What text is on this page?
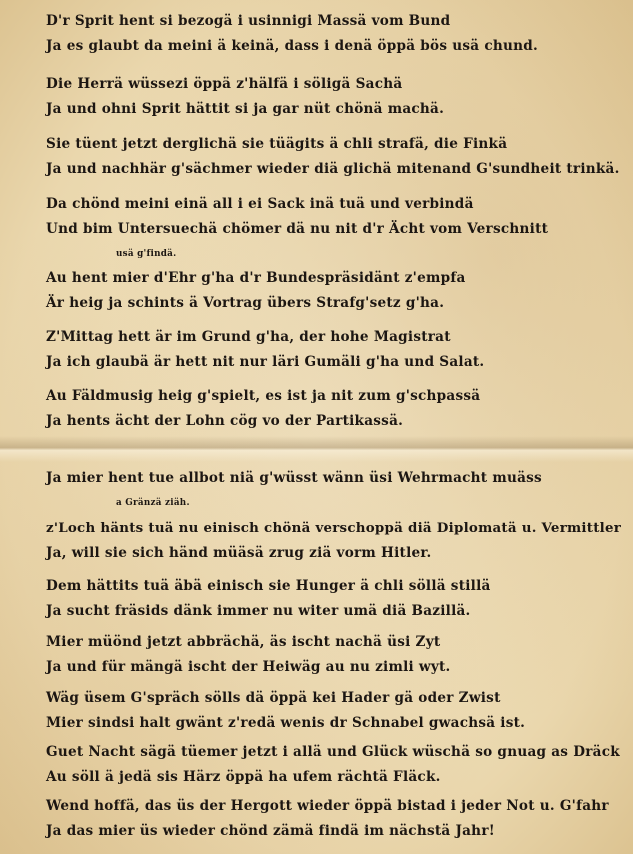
D'r Sprit hent si bezogä i usinnigi Massä vom Bund
Ja es glaubt da meini ä keinä, dass i denä öppä bös usä chund.
Die Herrä wüssezi öppä z'hälfä i söligä Sachä
Ja und ohni Sprit hättit si ja gar nüt chönä machä.
Sie tüent jetzt derglichä sie tüägits ä chli strafä, die Finkä
Ja und nachhär g'sächmer wieder diä glichä mitenand G'sundheit trinkä.
Da chönd meini einä all i ei Sack inä tuä und verbindä
Und bim Untersuechä chömer dä nu nit d'r Ächt vom Verschnitt
usä g'findä.
Au hent mier d'Ehr g'ha d'r Bundespräsidänt z'empfa
Är heig ja schints ä Vortrag übers Strafg'setz g'ha.
Z'Mittag hett är im Grund g'ha, der hohe Magistrat
Ja ich glaubä är hett nit nur läri Gumäli g'ha und Salat.
Au Fäldmusig heig g'spielt, es ist ja nit zum g'schpassä
Ja hents ächt der Lohn cög vo der Partikassä.
Ja mier hent tue allbot niä g'wüsst wänn üsi Wehrmacht muäss
a Gränzä ziäh.
z'Loch hänts tuä nu einisch chönä verschoppä diä Diplomatä u. Vermittler
Ja, will sie sich händ müäsä zrug ziä vorm Hitler.
Dem hättits tuä äbä einisch sie Hunger ä chli söllä stillä
Ja sucht fräsids dänk immer nu witer umä diä Bazillä.
Mier müönd jetzt abbrächä, äs ischt nachä üsi Zyt
Ja und für mängä ischt der Heiwäg au nu zimli wyt.
Wäg üsem G'spräch sölls dä öppä kei Hader gä oder Zwist
Mier sindsi halt gwänt z'redä wenis dr Schnabel gwachsä ist.
Guet Nacht sägä tüemer jetzt i allä und Glück wüschä so gnuag as Dräck
Au söll ä jedä sis Härz öppä ha ufem rächtä Fläck.
Wend hoffä, das üs der Hergott wieder öppä bistad i jeder Not u. G'fahr
Ja das mier üs wieder chönd zämä findä im nächstä Jahr!
